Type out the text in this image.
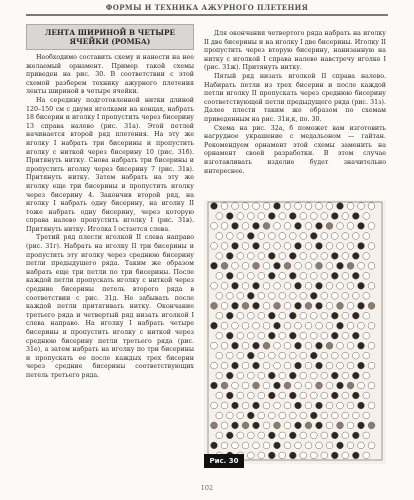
ФОРМЫ И ТЕХНИКА АЖУРНОГО ПЛЕТЕНИЯ
ЛЕНТА ШИРИНОЙ В ЧЕТЫРЕ
ЯЧЕЙКИ (РОМБА)

Необходимо составить схему и нанести на нее желаемый орнамент. Пример такой схемы приведен на рис. 30. В соответствии с этой схемой разберем технику ажурного плетения ленты шириной в четыре ячейки.

На середину подготовленной нитки длиной 120–150 см с двумя иголками на концах, набрать 18 бисерин и иголку I пропустить через бисерину 13 справа налево (рис. 31а). Этой петлей начинается второй ряд плетения. На эту же иголку I набрать три бисерины и пропустить иголку с ниткой через бисерину 10 (рис. 31б). Притянуть нитку. Снова набрать три бисерины и пропустить иголку через бисерину 7 (рис. 31в). Притянуть нитку. Затем набрать на эту же иголку еще три бисерины и пропустить иголку через бисерину 4. Закончив второй ряд, на иголку I набрать одну бисерину, на иголку II тоже набрать одну бисерину, через которую справа налево пропустить иголку I (рис. 31в). Притянуть нитку. Иголка I остается слева.

Третий ряд плести иголкой II слева направо (рис. 31г). Набрать на иголку II три бисерины и пропустить эту иголку через среднюю бисерину петли предыдущего ряда. Таким же образом набрать еще три петли по три бисерины. После каждой петли пропускать иголку с ниткой через средние бисерины петель второго ряда в соответствии с рис. 31д. Не забывать после каждой петли притягивать нитку. Окончание третьего ряда и четвертый ряд низать иголкой I слева направо. На иголку I набрать четыре бисерины и пропустить иголку с ниткой через среднюю бисерину петли третьего ряда (рис. 31е), а затем набрать на иголку по три бисерины и пропускать ее после каждых трех бисерин через средние бисерины соответствующих петель третьего ряда.

Для окончания четвертого ряда набрать на иголку II две бисерины и на иголку I две бисерины. Иголку II пропустить через вторую бисерину, нанизанную на нитку с иголкой I справа налево навстречу иголке I (рис. 31ж). Притянуть нитку.

Пятый ряд низать иголкой II справа налево. Набирать петли из трех бисерин и после каждой петли иголку II пропускать через среднюю бисерину соответствующей петли предыдущего ряда (рис. 31з). Далее плести таким же образом по схемам приведенным на рис. 31и,к, по. 30.

Схема на рис. 32а, б поможет вам изготовить нагрудное украшение с медальоном — гайтан. Рекомендуем орнамент этой схемы заменить на орнамент своей разработки. В этом случае изготавливать изделие будет значительно интереснее.

Рис. 30
102
